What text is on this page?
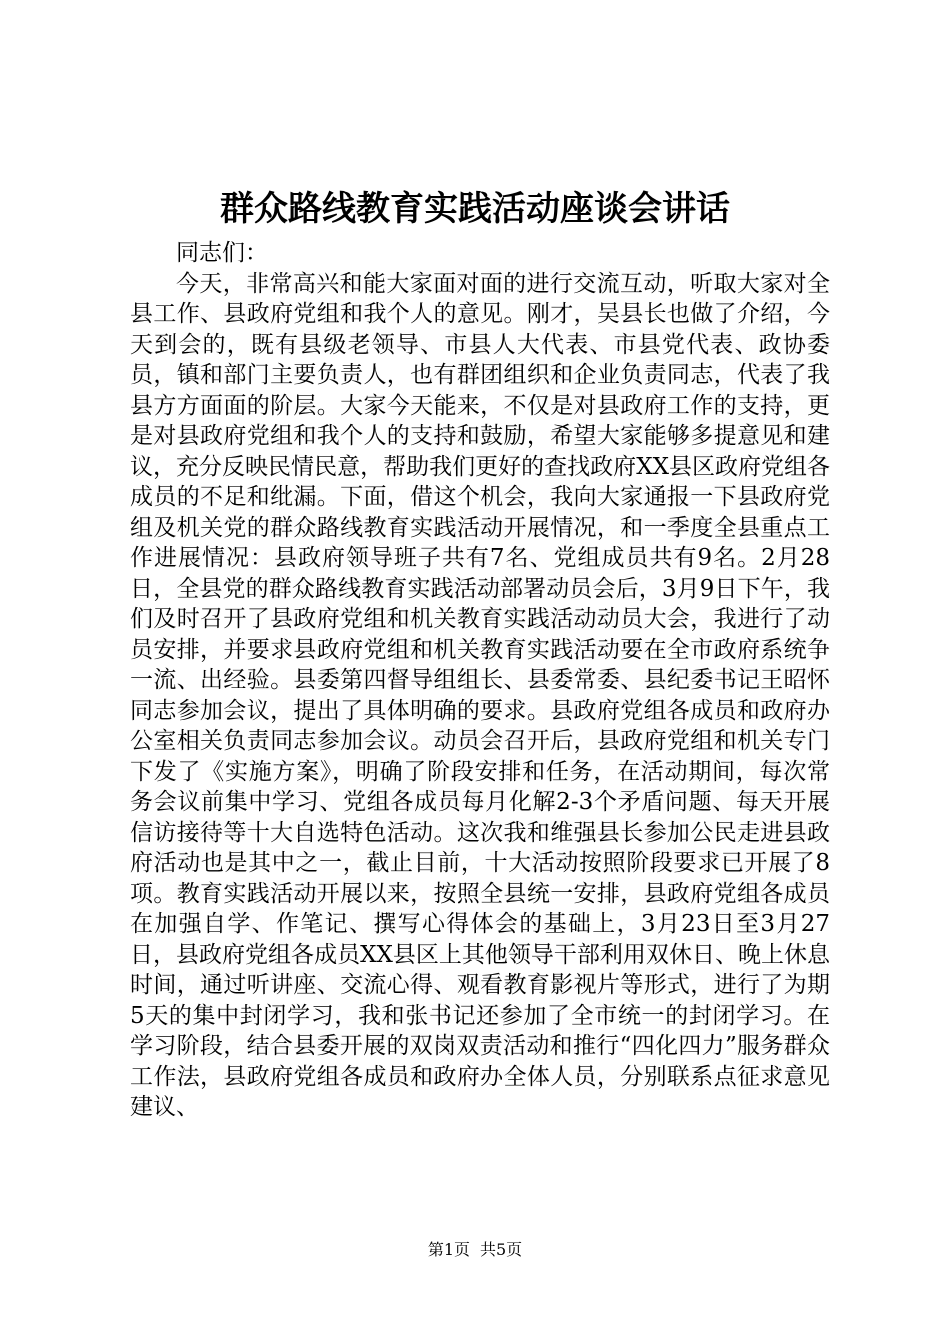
群众路线教育实践活动座谈会讲话

同志们：

今天，非常高兴和能大家面对面的进行交流互动，听取大家对全县工作、县政府党组和我个人的意见。刚才，吴县长也做了介绍，今天到会的，既有县级老领导、市县人大代表、市县党代表、政协委员，镇和部门主要负责人，也有群团组织和企业负责同志，代表了我县方方面面的阶层。大家今天能来，不仅是对县政府工作的支持，更是对县政府党组和我个人的支持和鼓励，希望大家能够多提意见和建议，充分反映民情民意，帮助我们更好的查找政府XX县区政府党组各成员的不足和纰漏。下面，借这个机会，我向大家通报一下县政府党组及机关党的群众路线教育实践活动开展情况，和一季度全县重点工作进展情况：县政府领导班子共有7名、党组成员共有9名。2月28日，全县党的群众路线教育实践活动部署动员会后，3月9日下午，我们及时召开了县政府党组和机关教育实践活动动员大会，我进行了动员安排，并要求县政府党组和机关教育实践活动要在全市政府系统争一流、出经验。县委第四督导组组长、县委常委、县纪委书记王昭怀同志参加会议，提出了具体明确的要求。县政府党组各成员和政府办公室相关负责同志参加会议。动员会召开后，县政府党组和机关专门下发了《实施方案》，明确了阶段安排和任务，在活动期间，每次常务会议前集中学习、党组各成员每月化解2-3个矛盾问题、每天开展信访接待等十大自选特色活动。这次我和维强县长参加公民走进县政府活动也是其中之一，截止目前，十大活动按照阶段要求已开展了8项。教育实践活动开展以来，按照全县统一安排，县政府党组各成员在加强自学、作笔记、撰写心得体会的基础上，3月23日至3月27日，县政府党组各成员XX县区上其他领导干部利用双休日、晚上休息时间，通过听讲座、交流心得、观看教育影视片等形式，进行了为期5天的集中封闭学习，我和张书记还参加了全市统一的封闭学习。在学习阶段，结合县委开展的双岗双责活动和推行“四化四力”服务群众工作法，县政府党组各成员和政府办全体人员，分别联系点征求意见建议、

第1页 共5页
